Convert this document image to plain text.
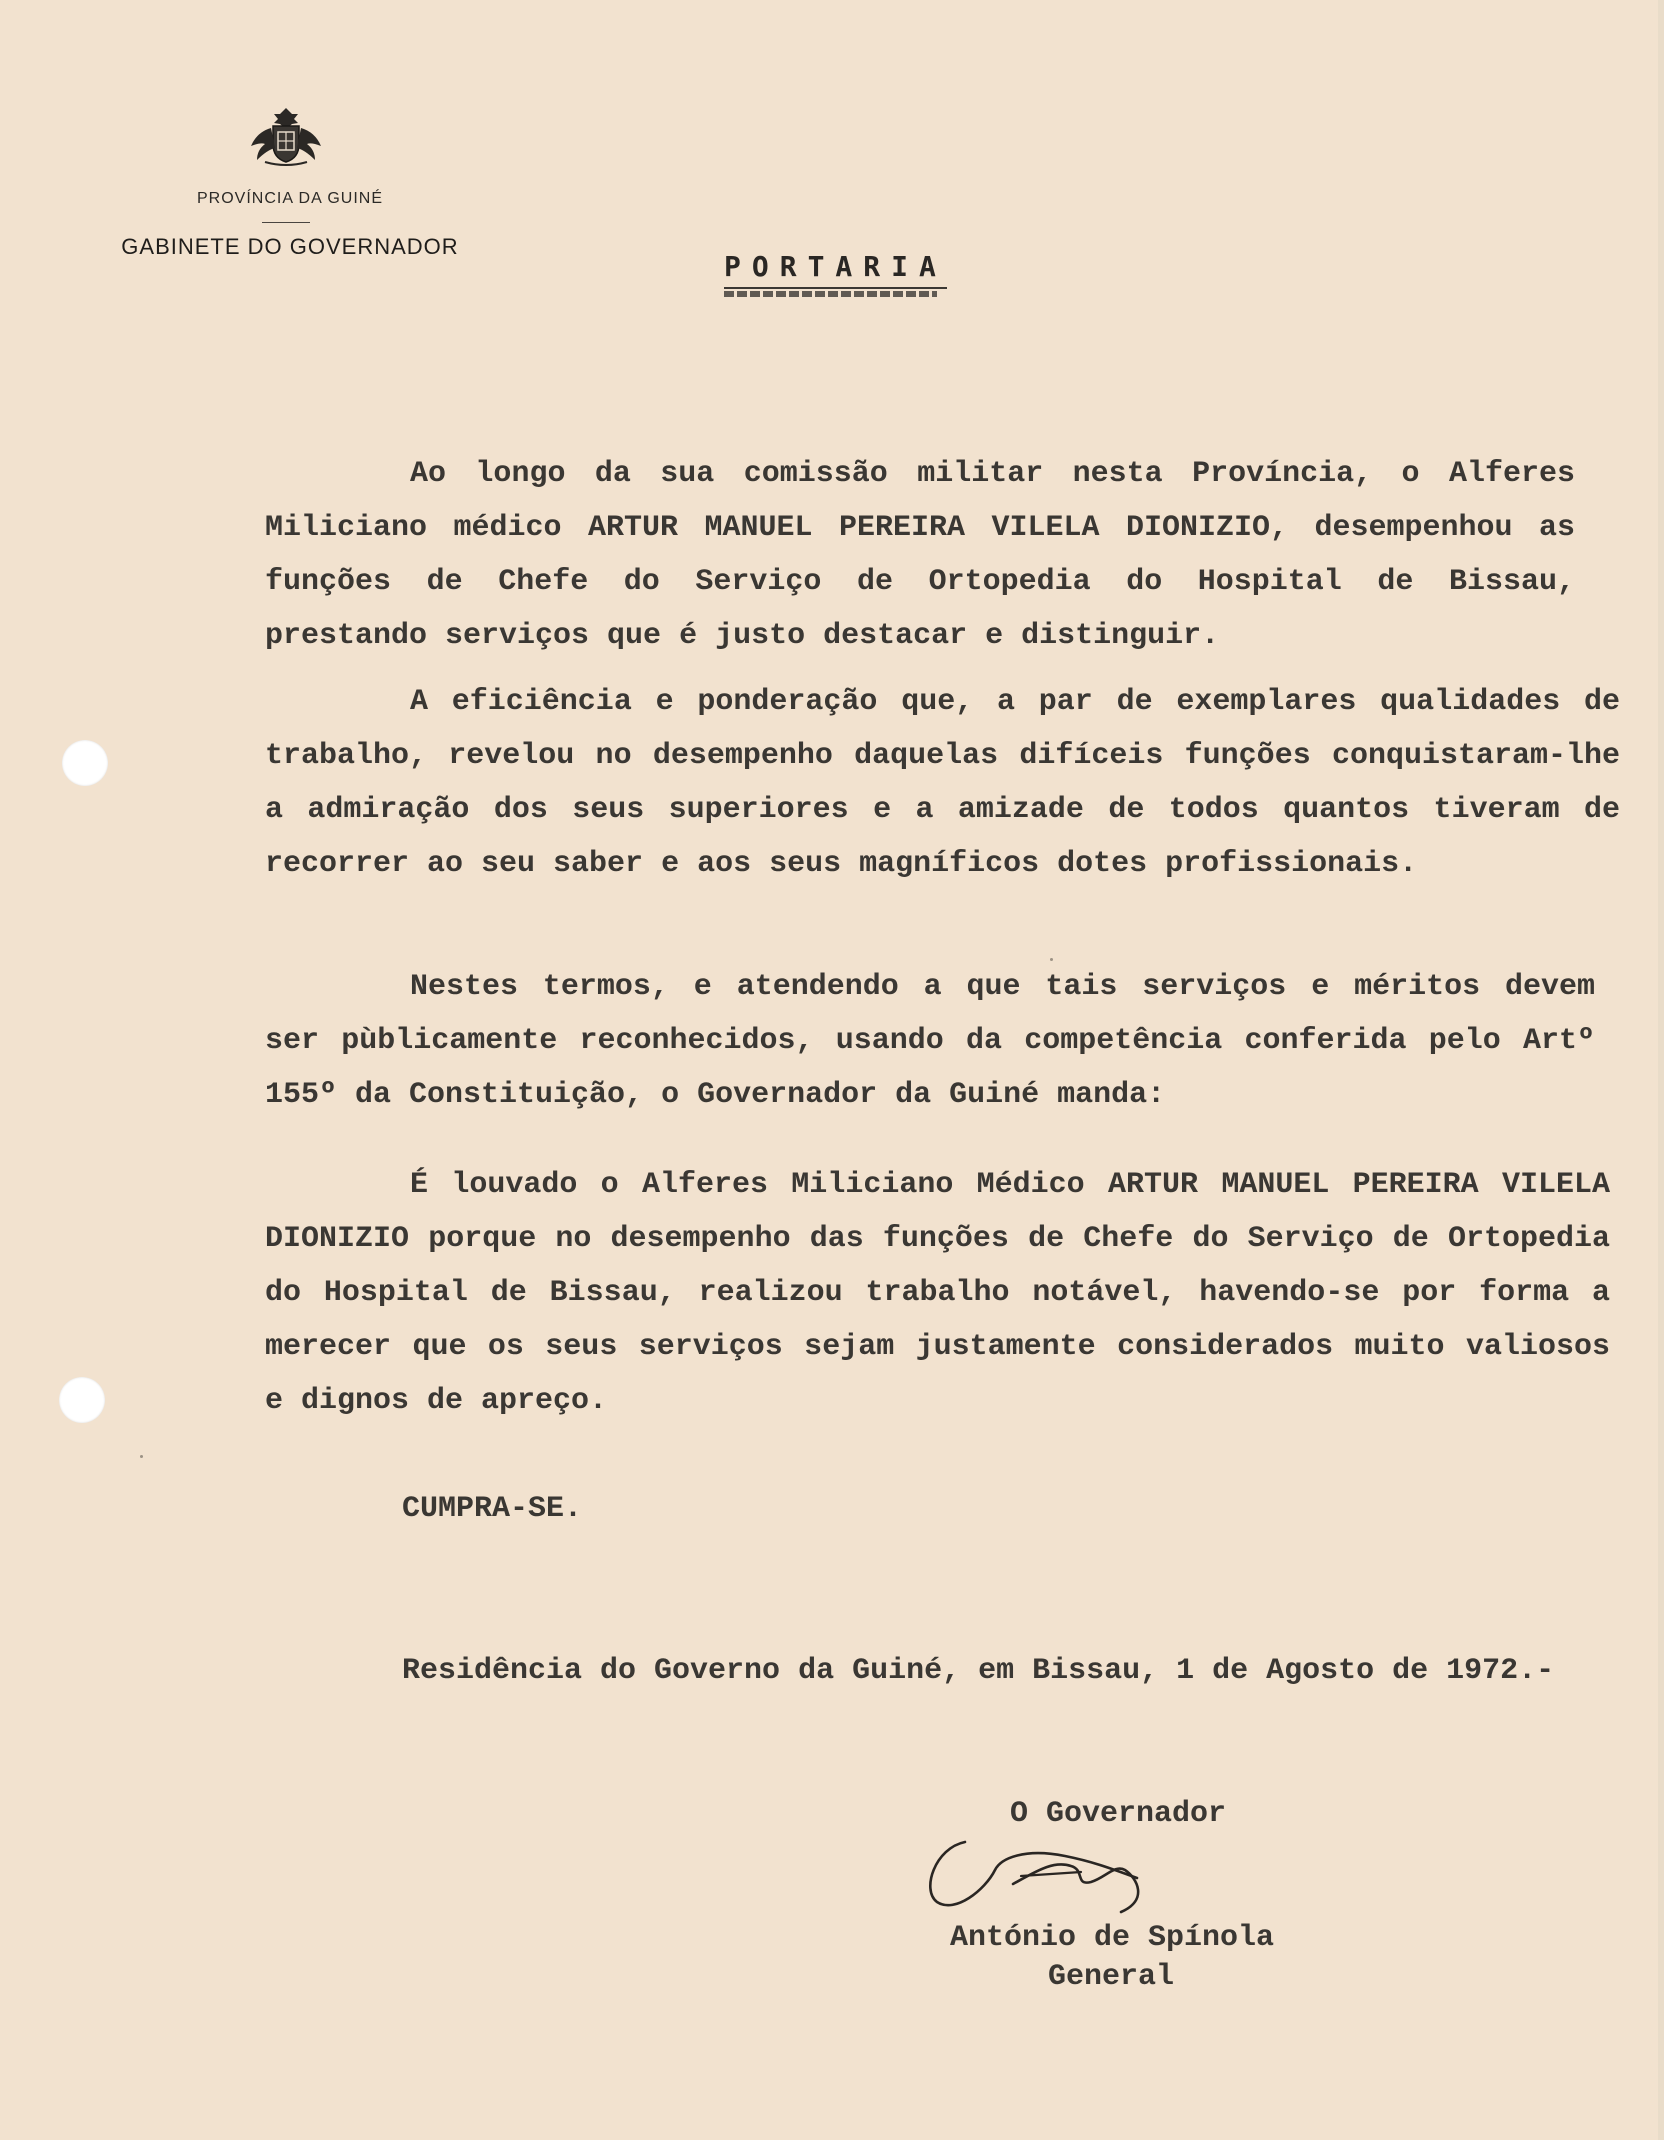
PROVÍNCIA DA GUINÉ
GABINETE DO GOVERNADOR
PORTARIA

Ao longo da sua comissão militar nesta Província, o Alferes Miliciano médico ARTUR MANUEL PEREIRA VILELA DIONIZIO, desempenhou as funções de Chefe do Serviço de Ortopedia do Hospital de Bissau, prestando serviços que é justo destacar e distinguir.

A eficiência e ponderação que, a par de exemplares qualidades de trabalho, revelou no desempenho daquelas difíceis funções conquistaram-lhe a admiração dos seus superiores e a amizade de todos quantos tiveram de recorrer ao seu saber e aos seus magníficos dotes profissionais.

Nestes termos, e atendendo a que tais serviços e méritos devem ser pùblicamente reconhecidos, usando da competência conferida pelo Artº 155º da Constituição, o Governador da Guiné manda:

É louvado o Alferes Miliciano Médico ARTUR MANUEL PEREIRA VILELA DIONIZIO porque no desempenho das funções de Chefe do Serviço de Ortopedia do Hospital de Bissau, realizou trabalho notável, havendo-se por forma a merecer que os seus serviços sejam justamente considerados muito valiosos e dignos de apreço.

CUMPRA-SE.
Residência do Governo da Guiné, em Bissau, 1 de Agosto de 1972.-
O Governador
António de Spínola
General
